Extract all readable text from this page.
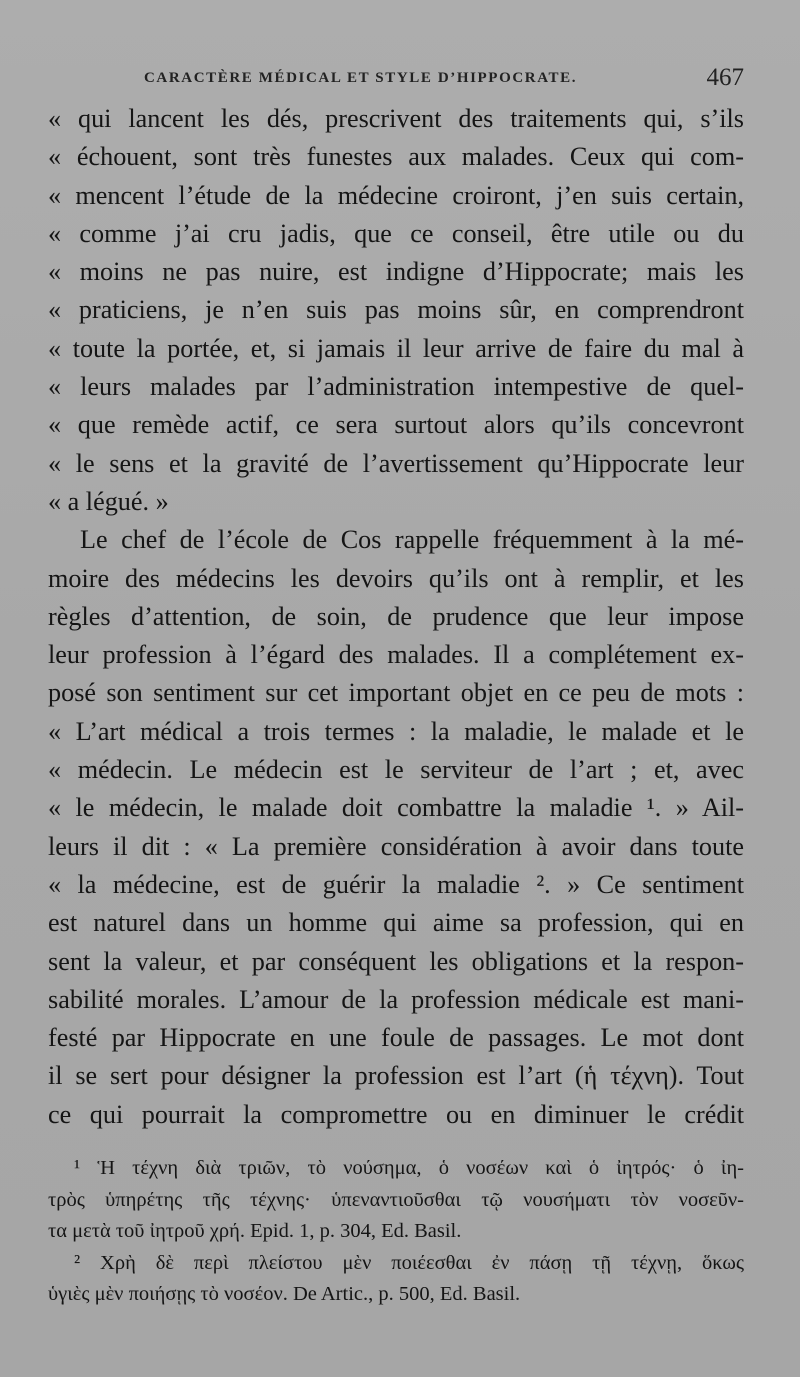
CARACTÈRE MÉDICAL ET STYLE D’HIPPOCRATE.	467
« qui lancent les dés, prescrivent des traitements qui, s’ils
« échouent, sont très funestes aux malades. Ceux qui com-
« mencent l’étude de la médecine croiront, j’en suis certain,
« comme j’ai cru jadis, que ce conseil, être utile ou du
« moins ne pas nuire, est indigne d’Hippocrate; mais les
« praticiens, je n’en suis pas moins sûr, en comprendront
« toute la portée, et, si jamais il leur arrive de faire du mal à
« leurs malades par l’administration intempestive de quel-
« que remède actif, ce sera surtout alors qu’ils concevront
« le sens et la gravité de l’avertissement qu’Hippocrate leur
« a légué. »
Le chef de l’école de Cos rappelle fréquemment à la mé-
moire des médecins les devoirs qu’ils ont à remplir, et les
règles d’attention, de soin, de prudence que leur impose
leur profession à l’égard des malades. Il a complétement ex-
posé son sentiment sur cet important objet en ce peu de mots :
« L’art médical a trois termes : la maladie, le malade et le
« médecin. Le médecin est le serviteur de l’art ; et, avec
« le médecin, le malade doit combattre la maladie ¹. » Ail-
leurs il dit : « La première considération à avoir dans toute
« la médecine, est de guérir la maladie ². » Ce sentiment
est naturel dans un homme qui aime sa profession, qui en
sent la valeur, et par conséquent les obligations et la respon-
sabilité morales. L’amour de la profession médicale est mani-
festé par Hippocrate en une foule de passages. Le mot dont
il se sert pour désigner la profession est l’art (ἡ τέχνη). Tout
ce qui pourrait la compromettre ou en diminuer le crédit
¹ Ἡ τέχνη διὰ τριῶν, τὸ νούσημα, ὁ νοσέων καὶ ὁ ἰητρός· ὁ ἰη-
τρὸς ὑπηρέτης τῆς τέχνης· ὑπεναντιοῦσθαι τῷ νουσήματι τὸν νοσεῦν-
τα μετὰ τοῦ ἰητροῦ χρή. Epid. 1, p. 304, Ed. Basil.
² Χρὴ δὲ περὶ πλείστου μὲν ποιέεσθαι ἐν πάσῃ τῇ τέχνῃ, ὅκως
ὑγιὲς μὲν ποιήσῃς τὸ νοσέον. De Artic., p. 500, Ed. Basil.
